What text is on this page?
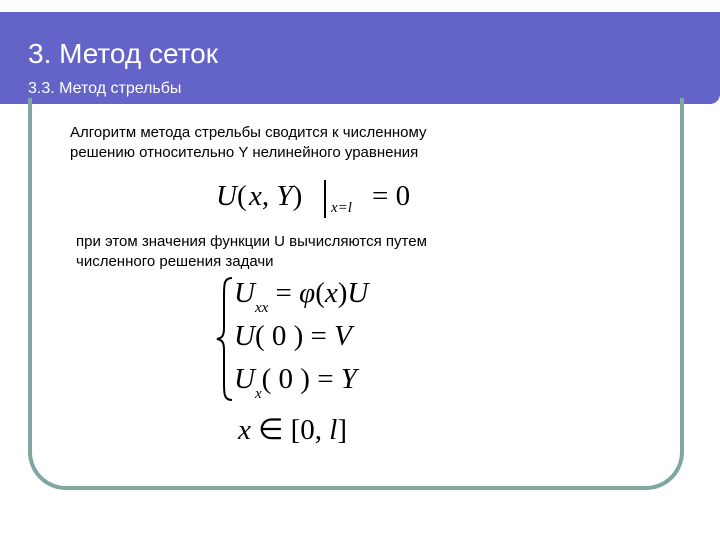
3. Метод сеток
3.3. Метод стрельбы
Алгоритм метода стрельбы сводится к численному
решению относительно Y нелинейного уравнения
U( x, Y) x=l = 0
при этом значения функции U вычисляются путем
численного решения задачи
$U_{xx} = \varphi(x)U$
U( 0 ) = V
$U_x$( 0 ) = Y
x ∈ [0, l]
